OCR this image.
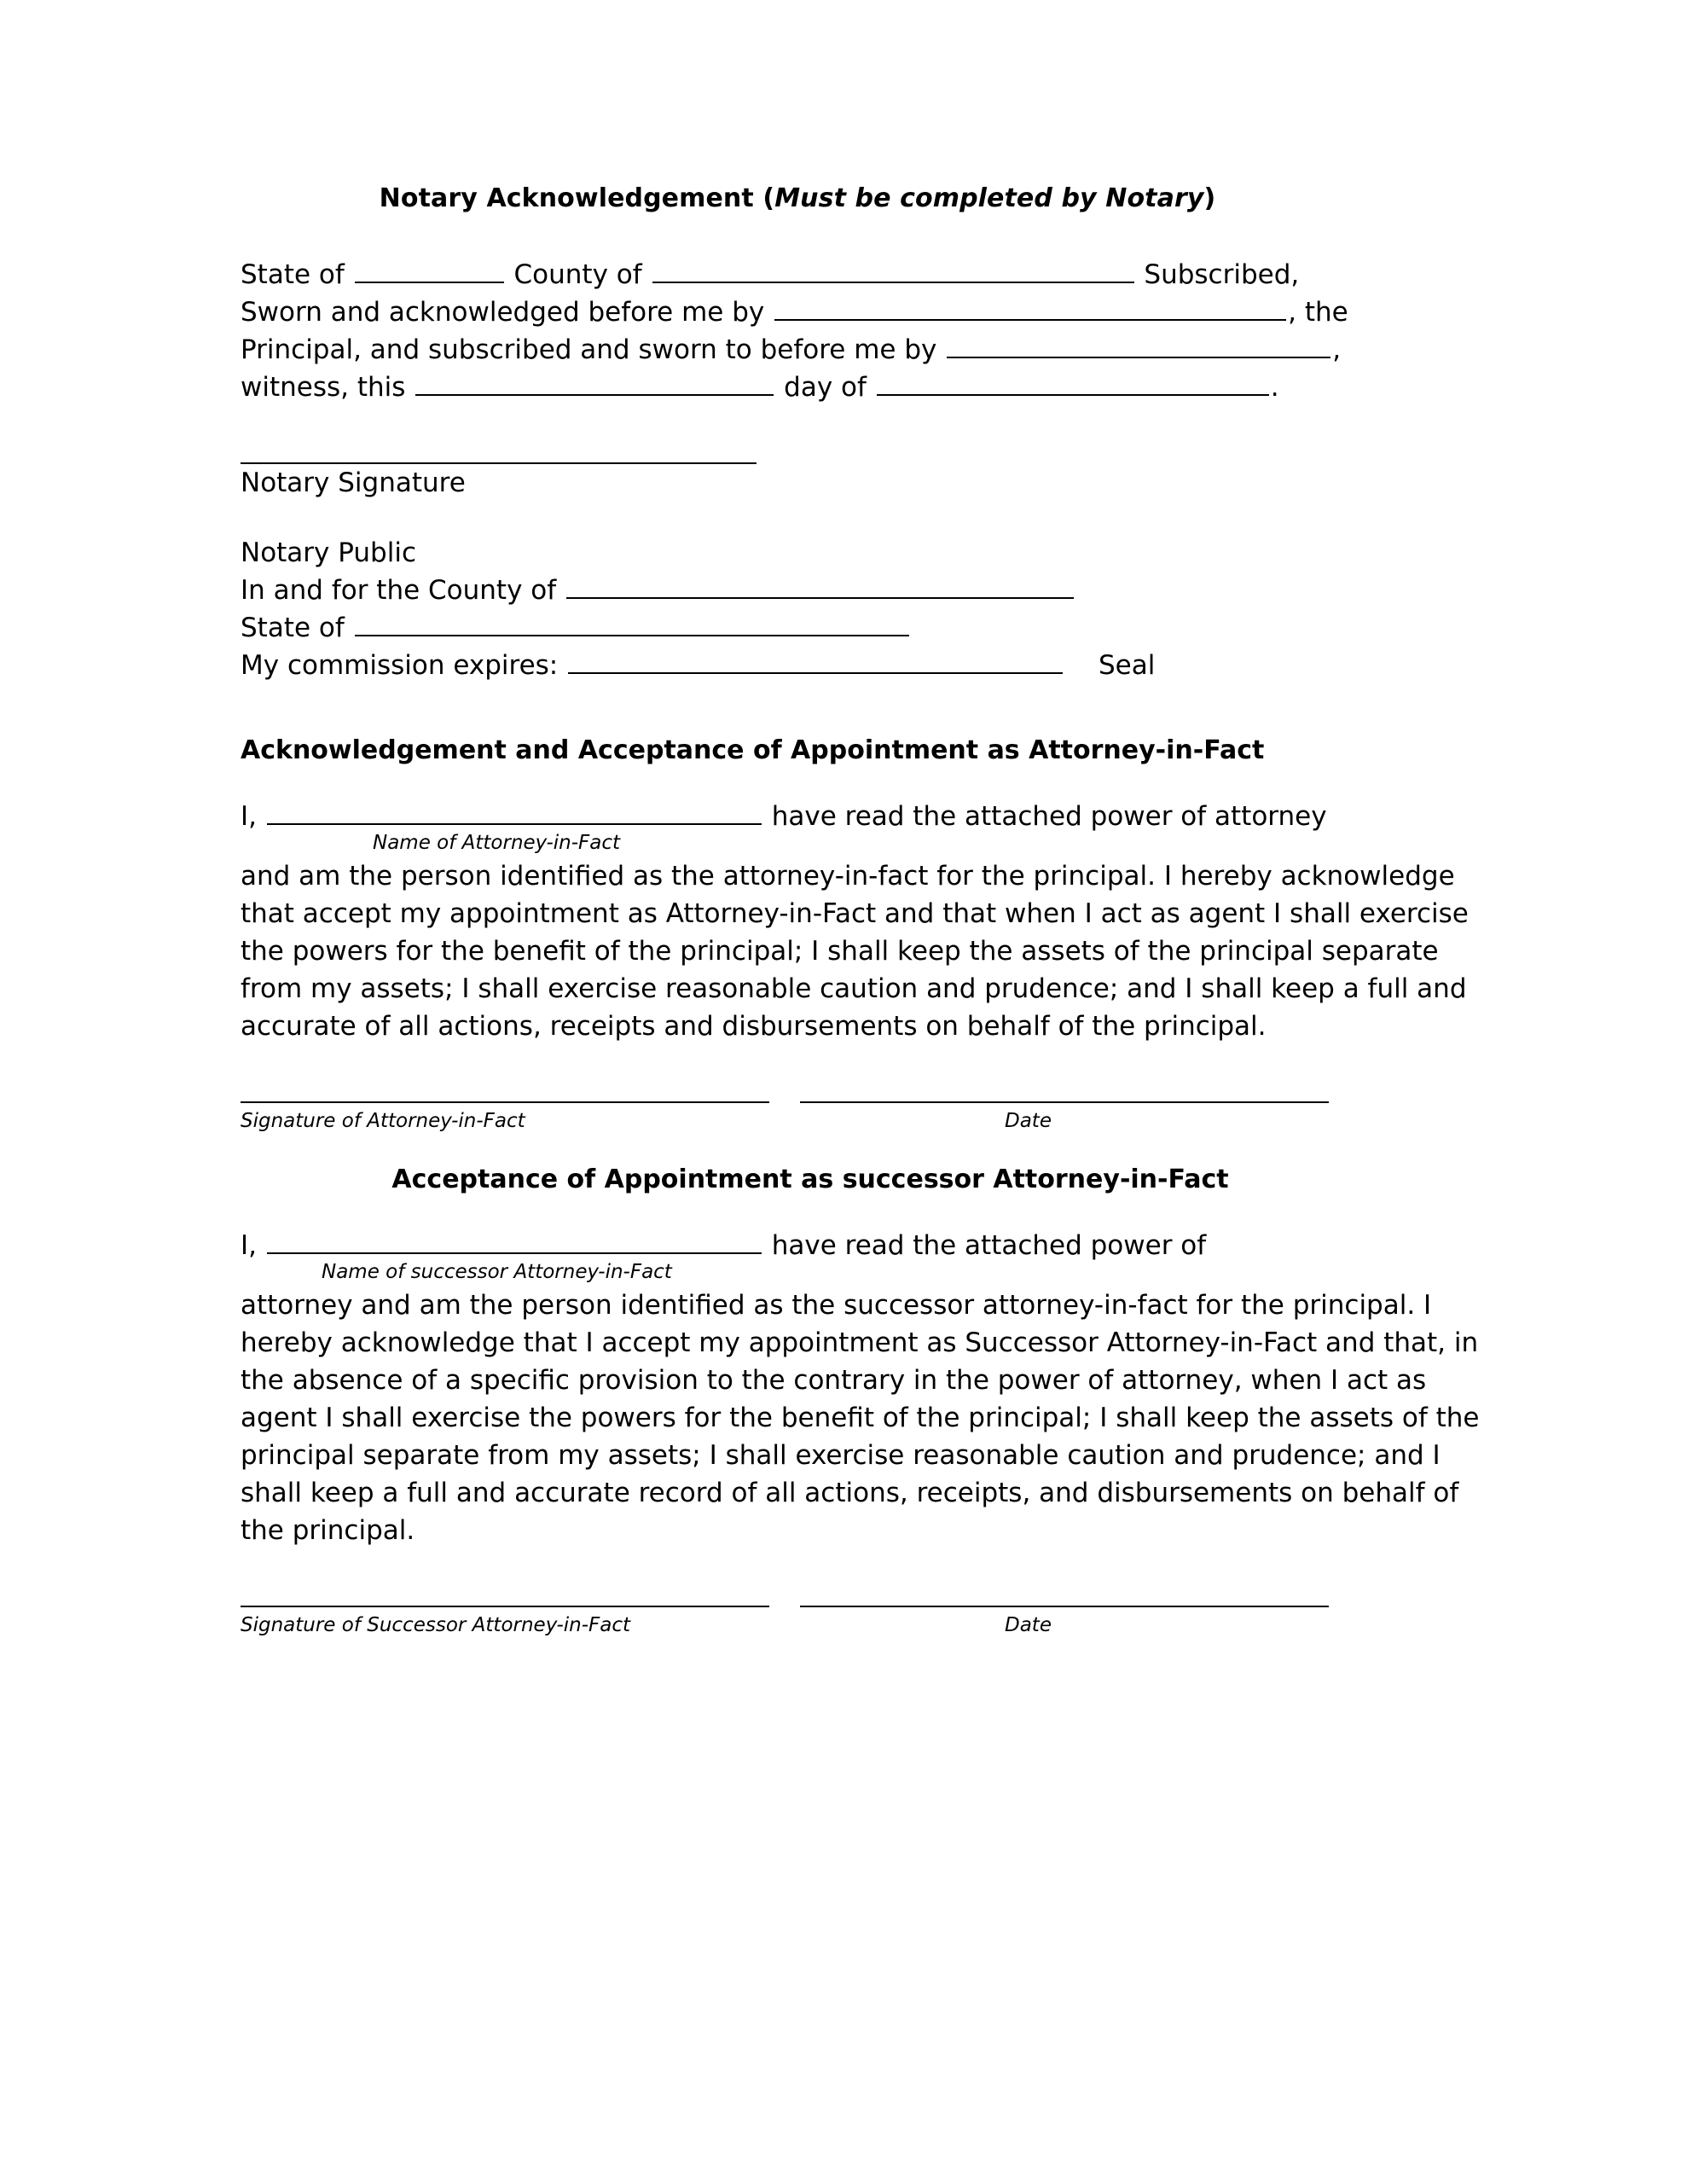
Notary Acknowledgement (Must be completed by Notary)
State of	County of	Subscribed,
Sworn and acknowledged before me by	, the
Principal, and subscribed and sworn to before me by	,
witness, this	day of	.
Notary Signature
Notary Public
In and for the County of
State of
My commission expires:	Seal
Acknowledgement and Acceptance of Appointment as Attorney-in-Fact
I,	have read the attached power of attorney
Name of Attorney-in-Fact
and am the person identified as the attorney-in-fact for the principal. I hereby acknowledge that accept my appointment as Attorney-in-Fact and that when I act as agent I shall exercise the powers for the benefit of the principal; I shall keep the assets of the principal separate from my assets; I shall exercise reasonable caution and prudence; and I shall keep a full and accurate of all actions, receipts and disbursements on behalf of the principal.
Signature of Attorney-in-Fact	Date
Acceptance of Appointment as successor Attorney-in-Fact
I,	have read the attached power of
Name of successor Attorney-in-Fact
attorney and am the person identified as the successor attorney-in-fact for the principal. I hereby acknowledge that I accept my appointment as Successor Attorney-in-Fact and that, in the absence of a specific provision to the contrary in the power of attorney, when I act as agent I shall exercise the powers for the benefit of the principal; I shall keep the assets of the principal separate from my assets; I shall exercise reasonable caution and prudence; and I shall keep a full and accurate record of all actions, receipts, and disbursements on behalf of the principal.
Signature of Successor Attorney-in-Fact	Date
